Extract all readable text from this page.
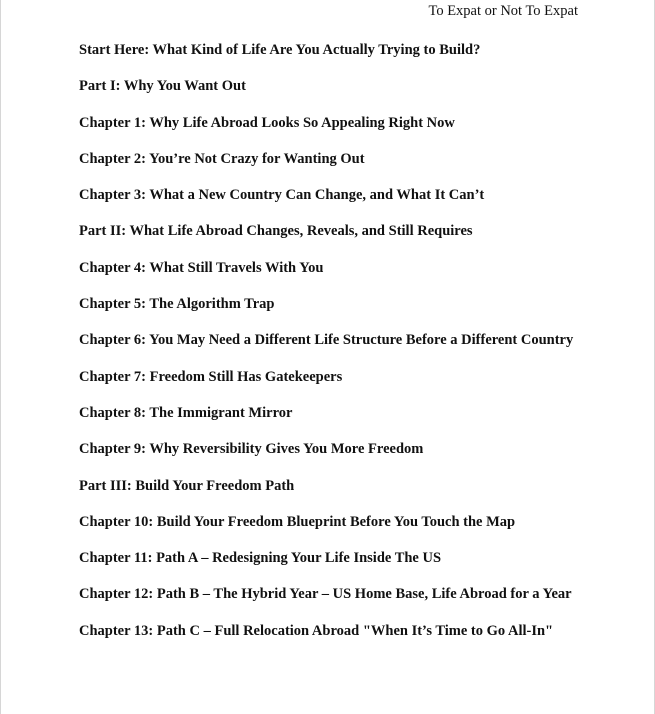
To Expat or Not To Expat
Start Here: What Kind of Life Are You Actually Trying to Build?
Part I: Why You Want Out
Chapter 1: Why Life Abroad Looks So Appealing Right Now
Chapter 2: You’re Not Crazy for Wanting Out
Chapter 3: What a New Country Can Change, and What It Can’t
Part II: What Life Abroad Changes, Reveals, and Still Requires
Chapter 4: What Still Travels With You
Chapter 5: The Algorithm Trap
Chapter 6: You May Need a Different Life Structure Before a Different Country
Chapter 7: Freedom Still Has Gatekeepers
Chapter 8: The Immigrant Mirror
Chapter 9: Why Reversibility Gives You More Freedom
Part III: Build Your Freedom Path
Chapter 10: Build Your Freedom Blueprint Before You Touch the Map
Chapter 11: Path A – Redesigning Your Life Inside The US
Chapter 12: Path B – The Hybrid Year – US Home Base, Life Abroad for a Year
Chapter 13: Path C – Full Relocation Abroad "When It’s Time to Go All-In"
